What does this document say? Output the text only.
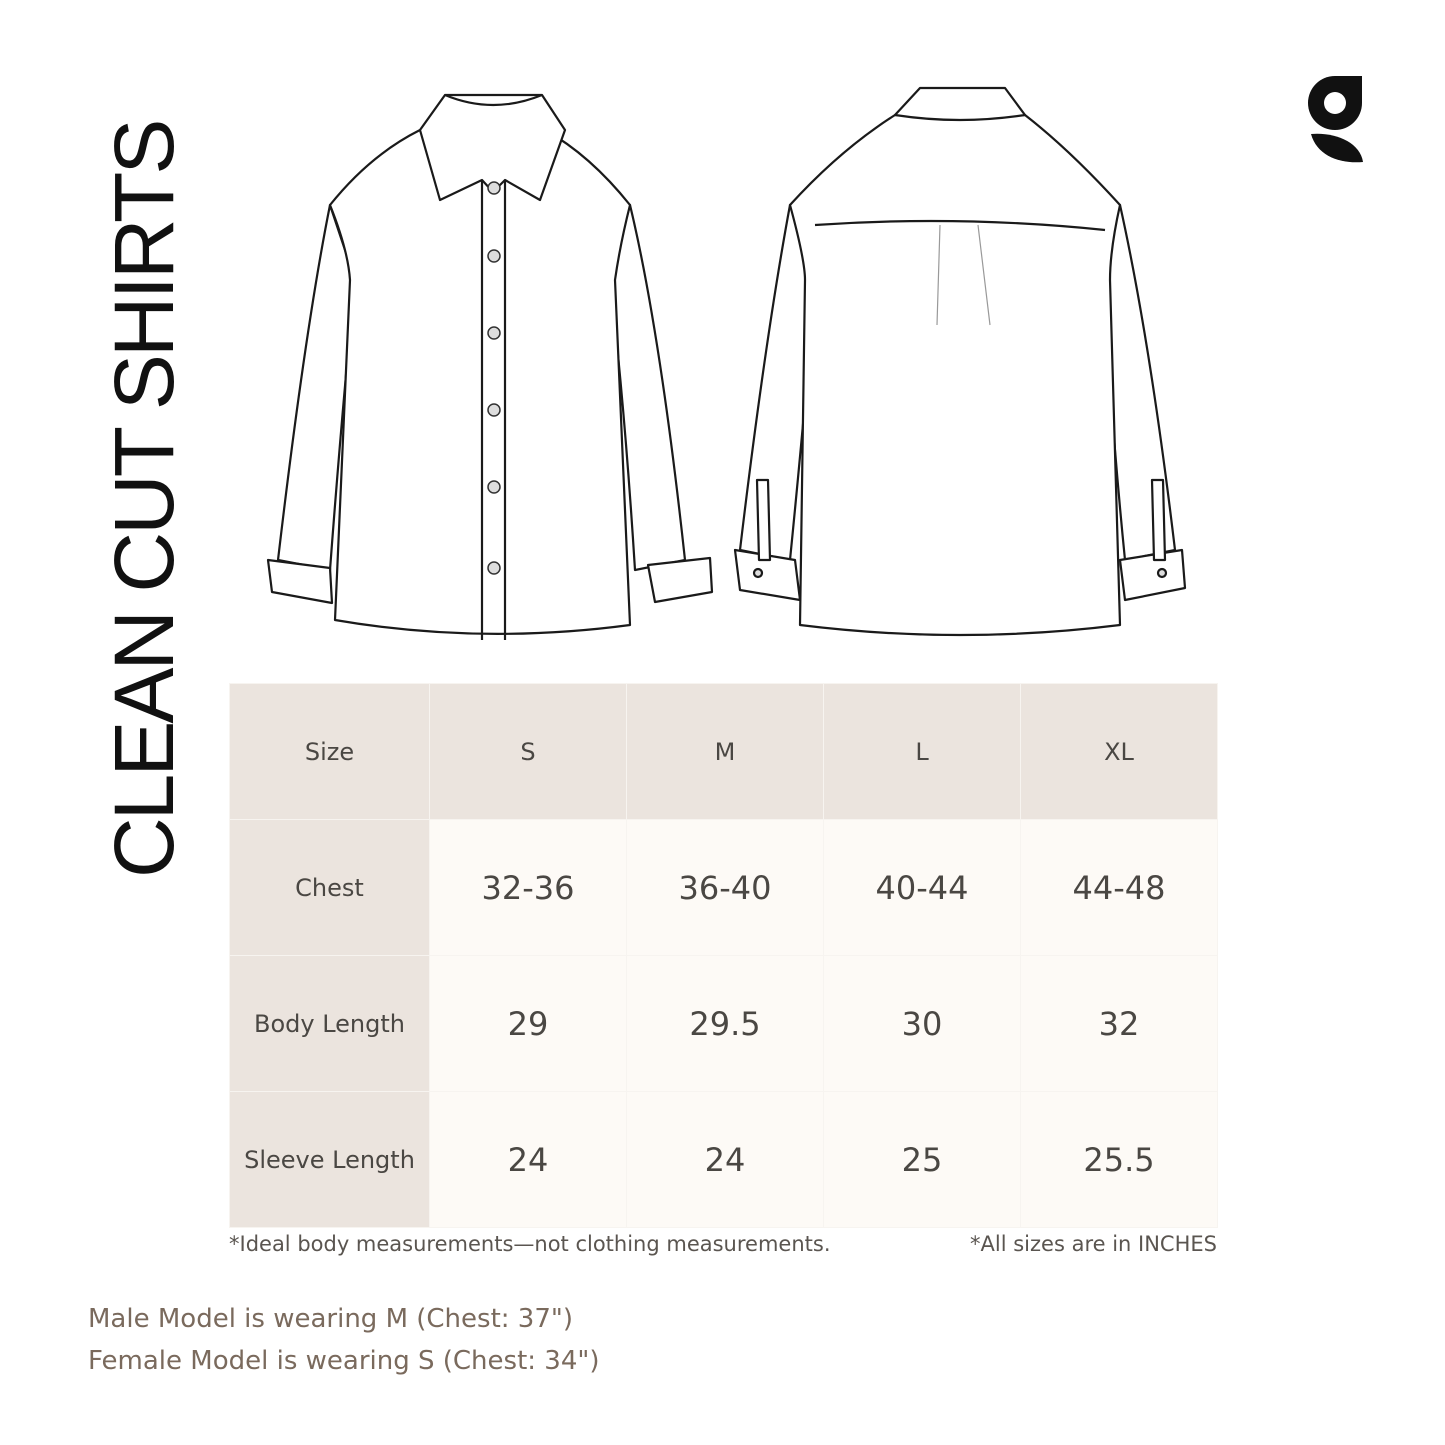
CLEAN CUT SHIRTS	Size	S	M	L	XL
Chest	32-36	36-40	40-44	44-48
Body Length	29	29.5	30	32
Sleeve Length	24	24	25	25.5
*Ideal body measurements—not clothing measurements.	*All sizes are in INCHES
Male Model is wearing M (Chest: 37")
Female Model is wearing S (Chest: 34")
